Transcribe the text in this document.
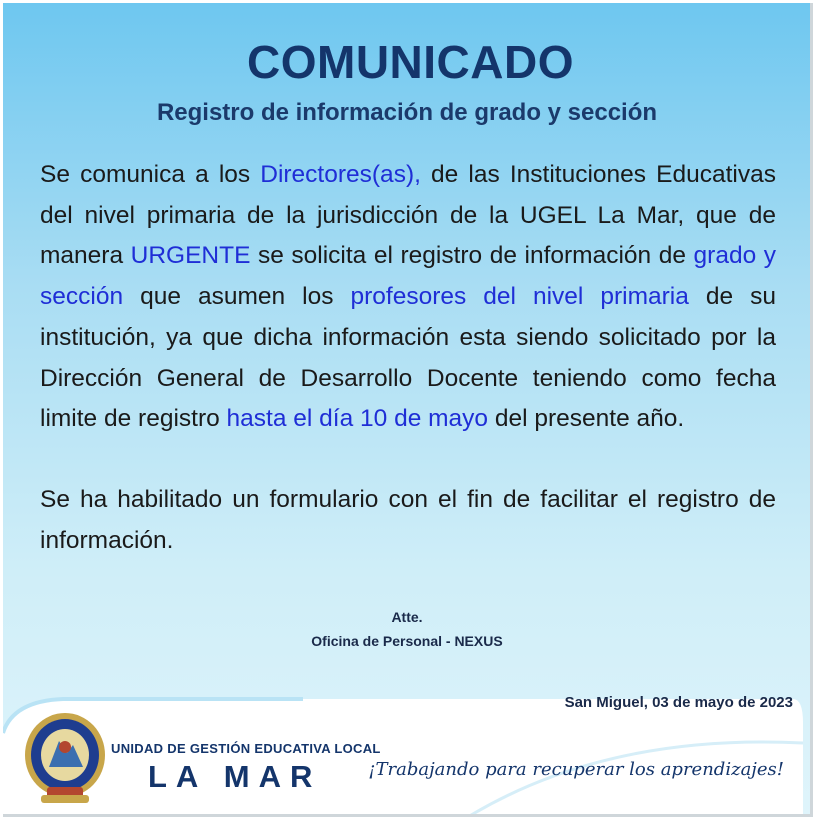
COMUNICADO
Registro de información de grado y sección

Se comunica a los Directores(as), de las Instituciones Educativas del nivel primaria de la jurisdicción de la UGEL La Mar, que de manera URGENTE se solicita el registro de información de grado y sección que asumen los profesores del nivel primaria de su institución, ya que dicha información esta siendo solicitado por la Dirección General de Desarrollo Docente teniendo como fecha limite de registro hasta el día 10 de mayo del presente año.

Se ha habilitado un formulario con el fin de facilitar el registro de información.

Atte.
Oficina de Personal - NEXUS
San Miguel, 03 de mayo de 2023
UNIDAD DE GESTIÓN EDUCATIVA LOCAL
LA MAR	¡Trabajando para recuperar los aprendizajes!
